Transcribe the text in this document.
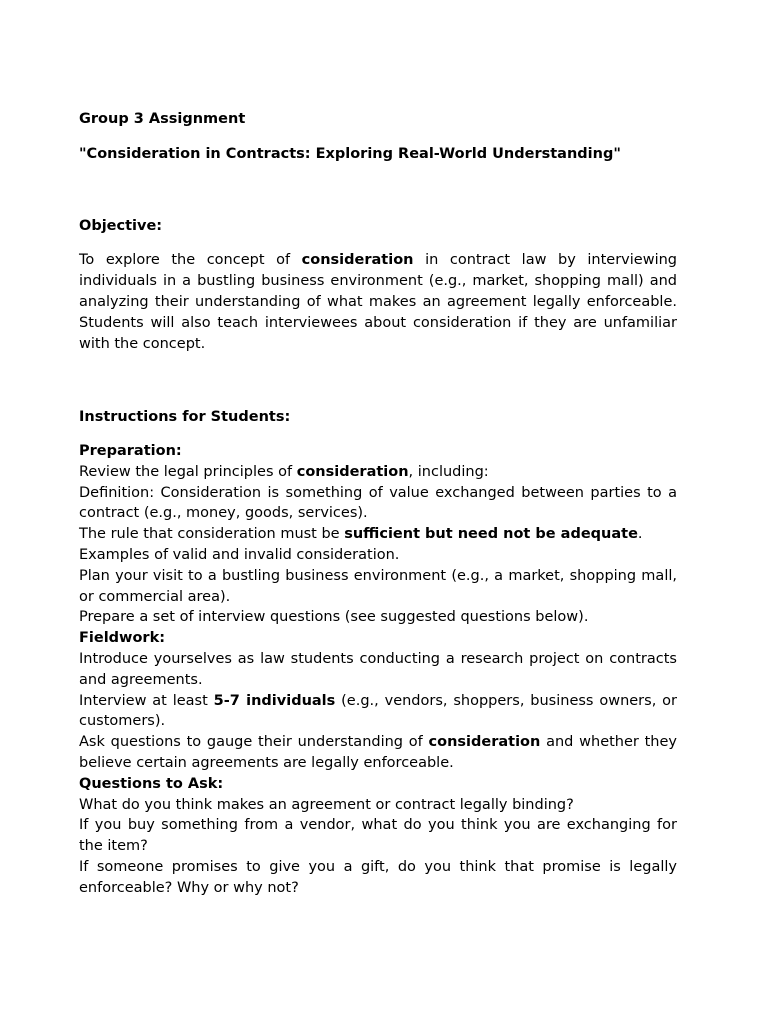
Group 3 Assignment
"Consideration in Contracts: Exploring Real-World Understanding"
Objective:
To explore the concept of consideration in contract law by interviewing individuals in a bustling business environment (e.g., market, shopping mall) and analyzing their understanding of what makes an agreement legally enforceable. Students will also teach interviewees about consideration if they are unfamiliar with the concept.
Instructions for Students:
Preparation:
Review the legal principles of consideration, including:
Definition: Consideration is something of value exchanged between parties to a contract (e.g., money, goods, services).
The rule that consideration must be sufficient but need not be adequate.
Examples of valid and invalid consideration.
Plan your visit to a bustling business environment (e.g., a market, shopping mall, or commercial area).
Prepare a set of interview questions (see suggested questions below).
Fieldwork:
Introduce yourselves as law students conducting a research project on contracts and agreements.
Interview at least 5-7 individuals (e.g., vendors, shoppers, business owners, or customers).
Ask questions to gauge their understanding of consideration and whether they believe certain agreements are legally enforceable.
Questions to Ask:
What do you think makes an agreement or contract legally binding?
If you buy something from a vendor, what do you think you are exchanging for the item?
If someone promises to give you a gift, do you think that promise is legally enforceable? Why or why not?
